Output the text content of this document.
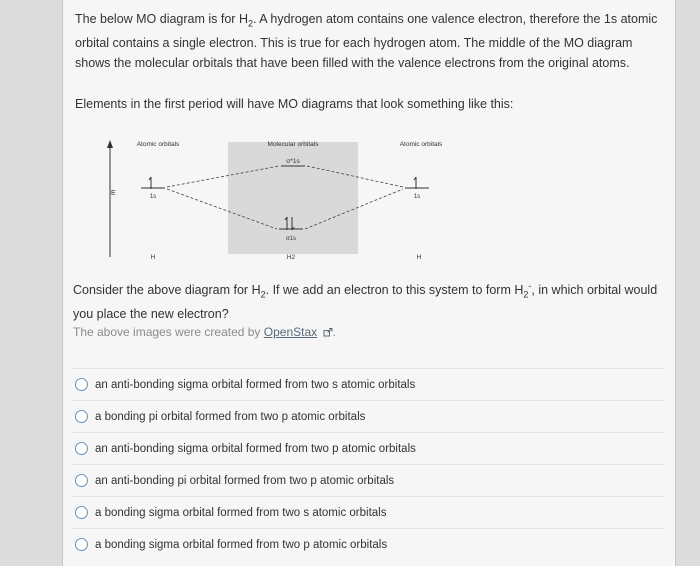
The below MO diagram is for $H_2$. A hydrogen atom contains one valence electron, therefore the 1s atomic orbital contains a single electron. This is true for each hydrogen atom. The middle of the MO diagram shows the molecular orbitals that have been filled with the valence electrons from the original atoms.
Elements in the first period will have MO diagrams that look something like this:
E
Atomic orbitals	Molecular orbitals	Atomic orbitals
σ*1s
1s	1s
σ1s
H	H2	H
Consider the above diagram for $H_2$. If we add an electron to this system to form $H_2^-$, in which orbital would you place the new electron?
The above images were created by OpenStax .
an anti-bonding sigma orbital formed from two s atomic orbitals
a bonding pi orbital formed from two p atomic orbitals
an anti-bonding sigma orbital formed from two p atomic orbitals
an anti-bonding pi orbital formed from two p atomic orbitals
a bonding sigma orbital formed from two s atomic orbitals
a bonding sigma orbital formed from two p atomic orbitals
